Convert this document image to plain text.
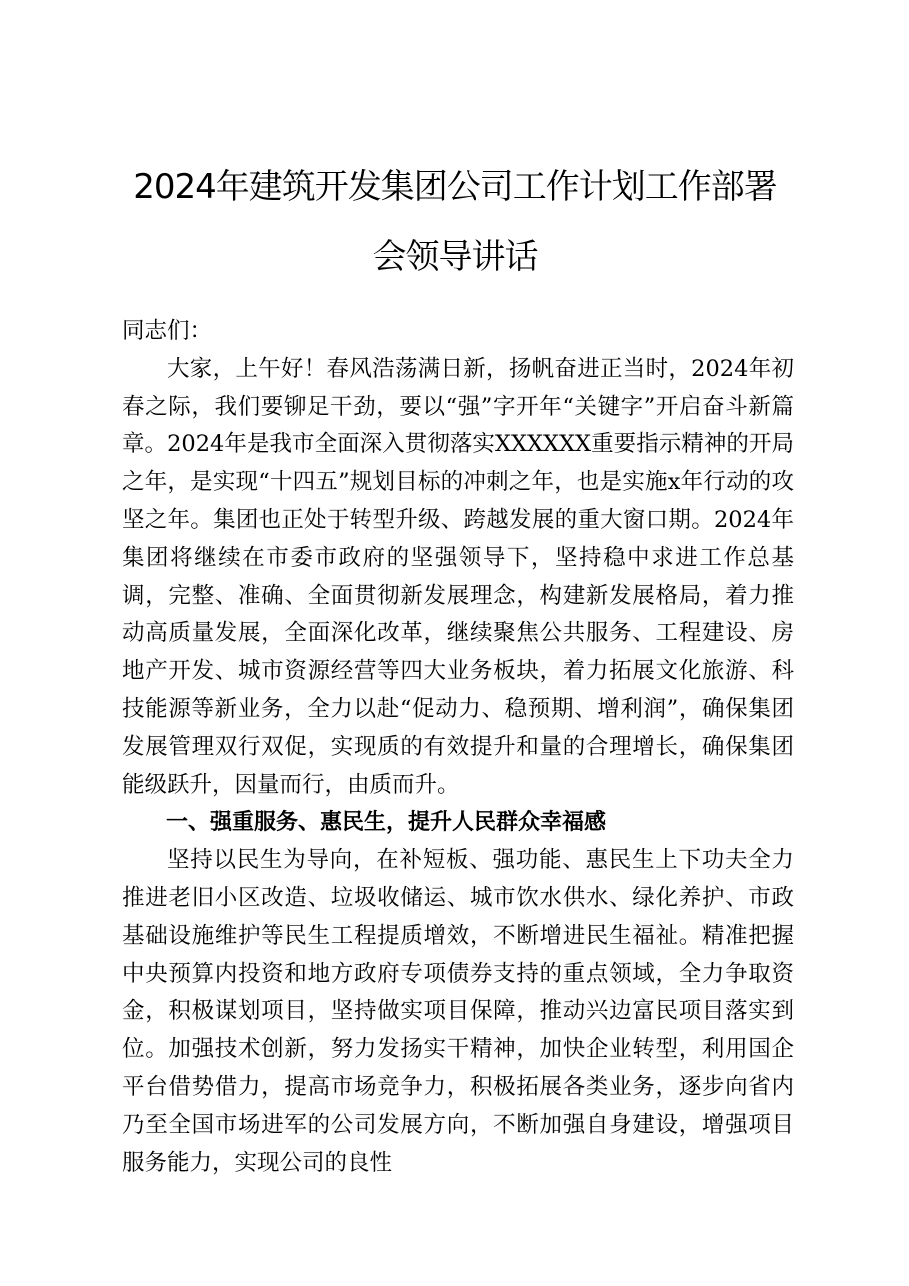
2024年建筑开发集团公司工作计划工作部署
会领导讲话

同志们：

大家，上午好！春风浩荡满日新，扬帆奋进正当时，2024年初春之际，我们要铆足干劲，要以“强”字开年“关键字”开启奋斗新篇章。2024年是我市全面深入贯彻落实XXXXXX重要指示精神的开局之年，是实现“十四五”规划目标的冲刺之年，也是实施x年行动的攻坚之年。集团也正处于转型升级、跨越发展的重大窗口期。2024年集团将继续在市委市政府的坚强领导下，坚持稳中求进工作总基调，完整、准确、全面贯彻新发展理念，构建新发展格局，着力推动高质量发展，全面深化改革，继续聚焦公共服务、工程建设、房地产开发、城市资源经营等四大业务板块，着力拓展文化旅游、科技能源等新业务，全力以赴“促动力、稳预期、增利润”，确保集团发展管理双行双促，实现质的有效提升和量的合理增长，确保集团能级跃升，因量而行，由质而升。

一、强重服务、惠民生，提升人民群众幸福感

坚持以民生为导向，在补短板、强功能、惠民生上下功夫全力推进老旧小区改造、垃圾收储运、城市饮水供水、绿化养护、市政基础设施维护等民生工程提质增效，不断增进民生福祉。精准把握中央预算内投资和地方政府专项债券支持的重点领域，全力争取资金，积极谋划项目，坚持做实项目保障，推动兴边富民项目落实到位。加强技术创新，努力发扬实干精神，加快企业转型，利用国企平台借势借力，提高市场竞争力，积极拓展各类业务，逐步向省内乃至全国市场进军的公司发展方向，不断加强自身建设，增强项目服务能力，实现公司的良性
